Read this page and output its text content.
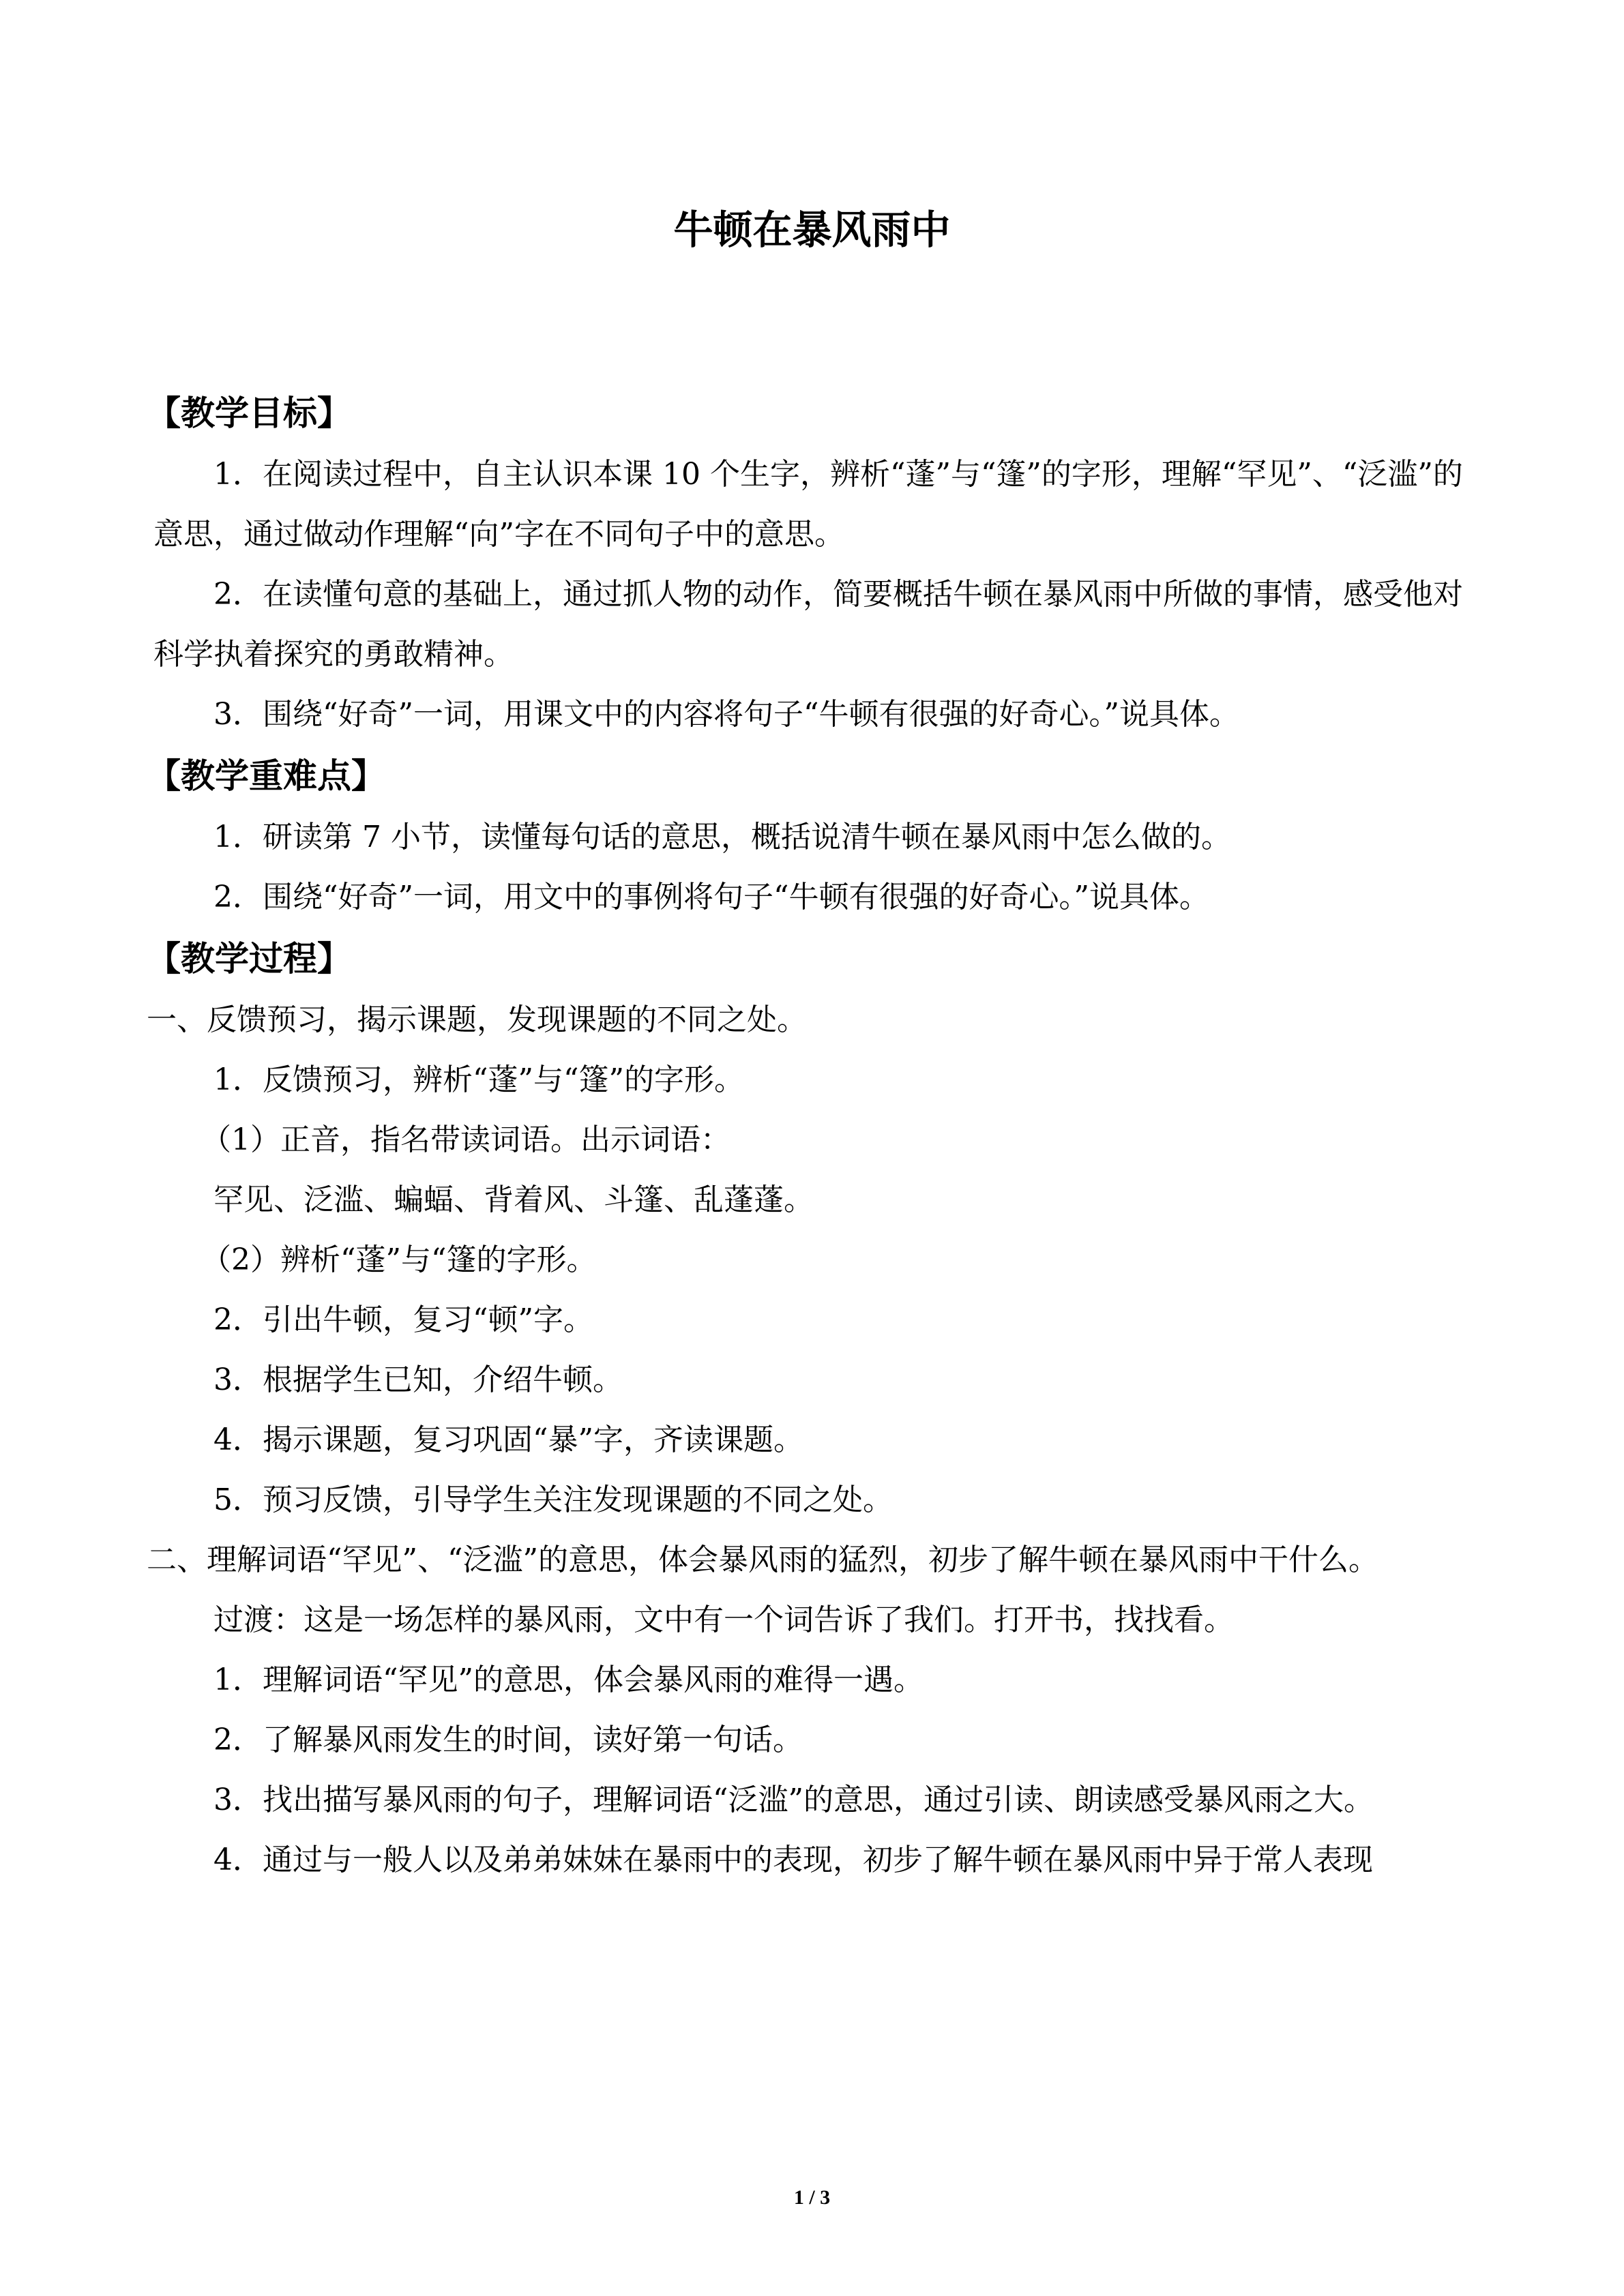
牛顿在暴风雨中
【教学目标】

1．在阅读过程中，自主认识本课 10 个生字，辨析“蓬”与“篷”的字形，理解“罕见”、“泛滥”的意思，通过做动作理解“向”字在不同句子中的意思。

2．在读懂句意的基础上，通过抓人物的动作，简要概括牛顿在暴风雨中所做的事情，感受他对科学执着探究的勇敢精神。

3．围绕“好奇”一词，用课文中的内容将句子“牛顿有很强的好奇心。”说具体。

【教学重难点】

1．研读第 7 小节，读懂每句话的意思，概括说清牛顿在暴风雨中怎么做的。

2．围绕“好奇”一词，用文中的事例将句子“牛顿有很强的好奇心。”说具体。

【教学过程】

一、反馈预习，揭示课题，发现课题的不同之处。

1．反馈预习，辨析“蓬”与“篷”的字形。

（1）正音，指名带读词语。出示词语：

罕见、泛滥、蝙蝠、背着风、斗篷、乱蓬蓬。

（2）辨析“蓬”与“篷的字形。

2．引出牛顿，复习“顿”字。

3．根据学生已知，介绍牛顿。

4．揭示课题，复习巩固“暴”字，齐读课题。

5．预习反馈，引导学生关注发现课题的不同之处。

二、理解词语“罕见”、“泛滥”的意思，体会暴风雨的猛烈，初步了解牛顿在暴风雨中干什么。

过渡：这是一场怎样的暴风雨，文中有一个词告诉了我们。打开书，找找看。

1．理解词语“罕见”的意思，体会暴风雨的难得一遇。

2．了解暴风雨发生的时间，读好第一句话。

3．找出描写暴风雨的句子，理解词语“泛滥”的意思，通过引读、朗读感受暴风雨之大。

4．通过与一般人以及弟弟妹妹在暴雨中的表现，初步了解牛顿在暴风雨中异于常人表现

1 / 3
